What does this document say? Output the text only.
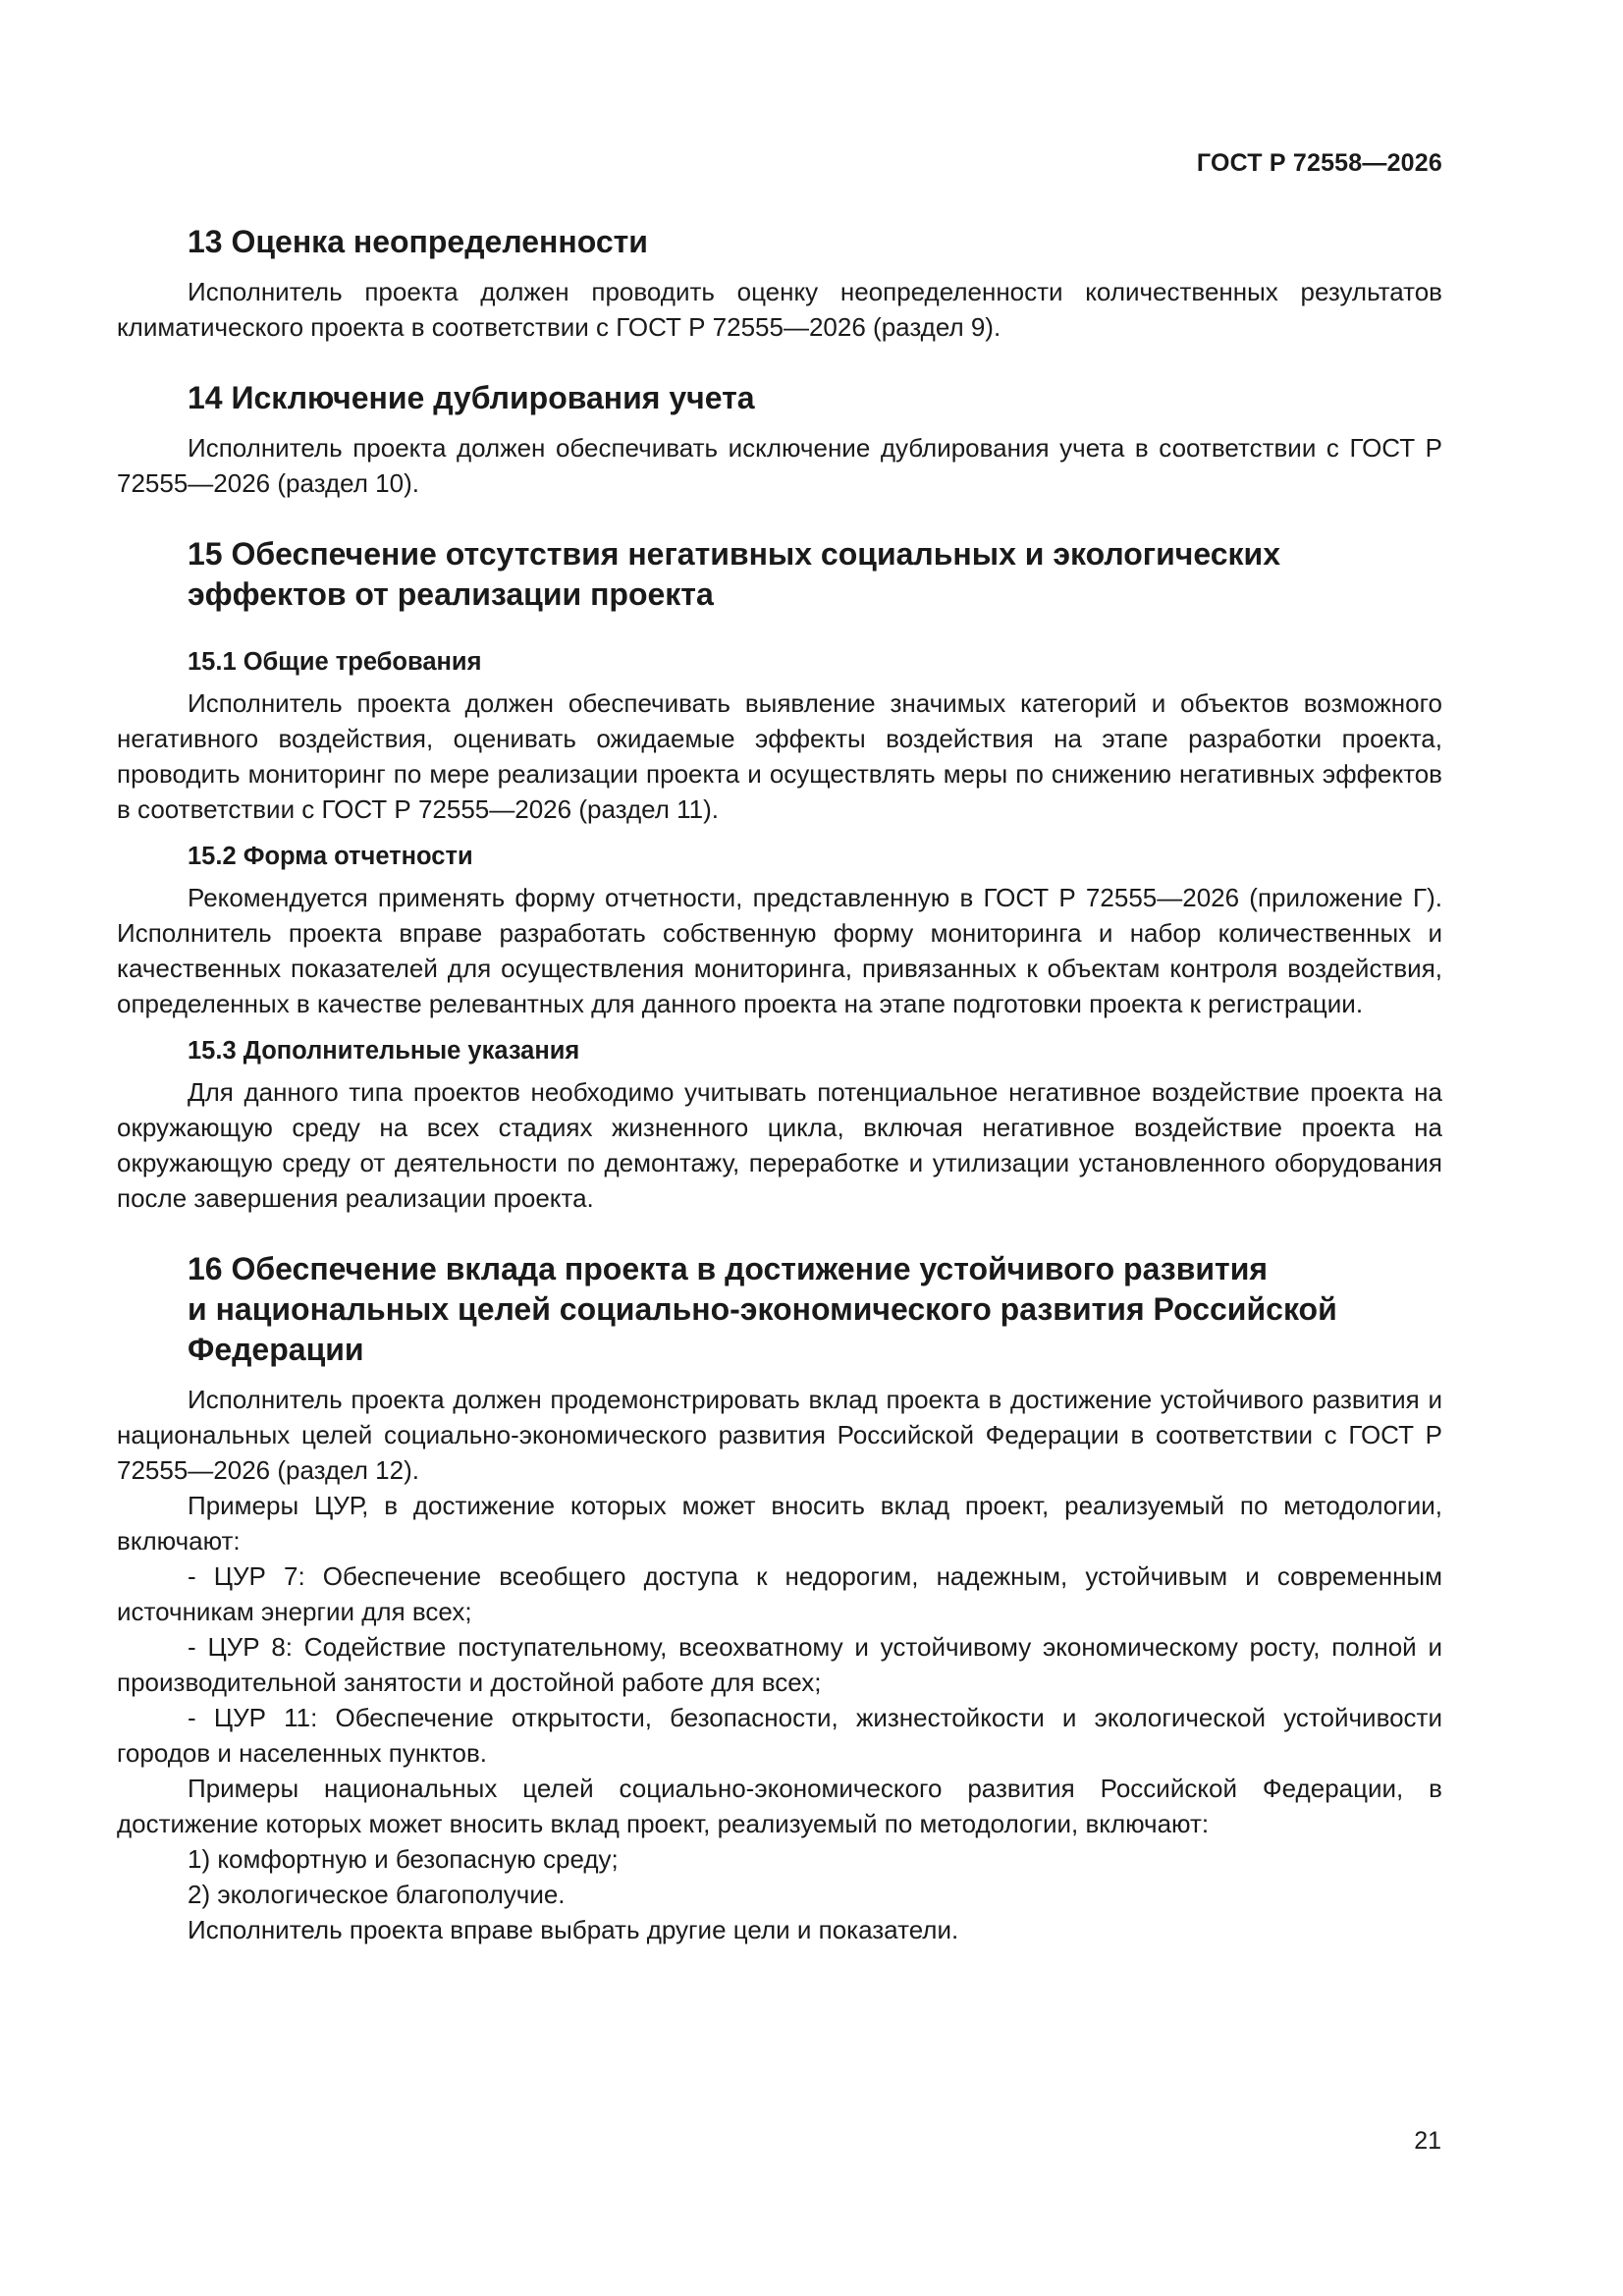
ГОСТ Р 72558—2026
13 Оценка неопределенности

Исполнитель проекта должен проводить оценку неопределенности количественных результатов климатического проекта в соответствии с ГОСТ Р 72555—2026 (раздел 9).

14 Исключение дублирования учета

Исполнитель проекта должен обеспечивать исключение дублирования учета в соответствии с ГОСТ Р 72555—2026 (раздел 10).

15 Обеспечение отсутствия негативных социальных и экологических
эффектов от реализации проекта
15.1 Общие требования

Исполнитель проекта должен обеспечивать выявление значимых категорий и объектов возможного негативного воздействия, оценивать ожидаемые эффекты воздействия на этапе разработки проекта, проводить мониторинг по мере реализации проекта и осуществлять меры по снижению негативных эффектов в соответствии с ГОСТ Р 72555—2026 (раздел 11).

15.2 Форма отчетности

Рекомендуется применять форму отчетности, представленную в ГОСТ Р 72555—2026 (приложение Г). Исполнитель проекта вправе разработать собственную форму мониторинга и набор количественных и качественных показателей для осуществления мониторинга, привязанных к объектам контроля воздействия, определенных в качестве релевантных для данного проекта на этапе подготовки проекта к регистрации.

15.3 Дополнительные указания

Для данного типа проектов необходимо учитывать потенциальное негативное воздействие проекта на окружающую среду на всех стадиях жизненного цикла, включая негативное воздействие проекта на окружающую среду от деятельности по демонтажу, переработке и утилизации установленного оборудования после завершения реализации проекта.

16 Обеспечение вклада проекта в достижение устойчивого развития
и национальных целей социально-экономического развития Российской
Федерации

Исполнитель проекта должен продемонстрировать вклад проекта в достижение устойчивого развития и национальных целей социально-экономического развития Российской Федерации в соответствии с ГОСТ Р 72555—2026 (раздел 12).

Примеры ЦУР, в достижение которых может вносить вклад проект, реализуемый по методологии, включают:

- ЦУР 7: Обеспечение всеобщего доступа к недорогим, надежным, устойчивым и современным источникам энергии для всех;

- ЦУР 8: Содействие поступательному, всеохватному и устойчивому экономическому росту, полной и производительной занятости и достойной работе для всех;

- ЦУР 11: Обеспечение открытости, безопасности, жизнестойкости и экологической устойчивости городов и населенных пунктов.

Примеры национальных целей социально-экономического развития Российской Федерации, в достижение которых может вносить вклад проект, реализуемый по методологии, включают:

1) комфортную и безопасную среду;

2) экологическое благополучие.

Исполнитель проекта вправе выбрать другие цели и показатели.

21
